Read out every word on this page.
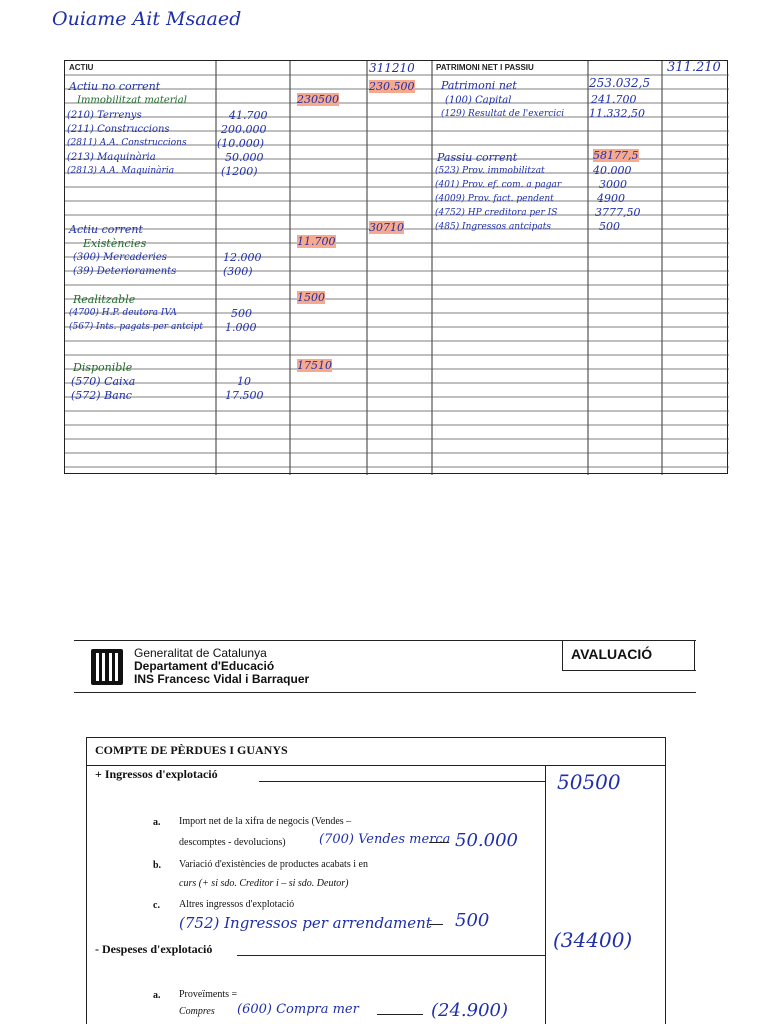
Ouiame Ait Msaaed
ACTIU	PATRIMONI NET I PASSIU
311210	311.210
Actiu no corrent	230.500
Immobilitzat material	230500
(210) Terrenys	41.700
(211) Construccions	200.000
(2811) A.A. Construccions	(10.000)
(213) Maquinària	50.000
(2813) A.A. Maquinària	(1200)
Actiu corrent	30710
Existències	11.700
(300) Mercaderies	12.000
(39) Deterioraments	(300)
Realitzable	1500
(4700) H.P. deutora IVA	500
(567) Ints. pagats per antcipt 1.000
Disponible	17510
(570) Caixa	10
(572) Banc	17.500
Patrimoni net	253.032,5
(100) Capital	241.700
(129) Resultat de l'exercici 11.332,50
Passiu corrent	58177,5
(523) Prov. immobilitzat	40.000
(401) Prov. ef. com. a pagar	3000
(4009) Prov. fact. pendent	4900
(4752) HP creditora per IS	3777,50
(485) Ingressos antcipats	500
Generalitat de Catalunya
Departament d'Educació
INS Francesc Vidal i Barraquer
AVALUACIÓ
COMPTE DE PÈRDUES I GUANYS
+ Ingressos d'explotació	50500
a. Import net de la xifra de negocis (Vendes –
descomptes - devolucions)	(700) Vendes merca 50.000
b. Variació d'existències de productes acabats i en
curs (+ si sdo. Creditor i – si sdo. Deutor)
c. Altres ingressos d'explotació
(752) Ingressos per arrendament 500
- Despeses d'explotació	(34400)
a. Proveïments =
Compres (600) Compra mer	(24.900)
